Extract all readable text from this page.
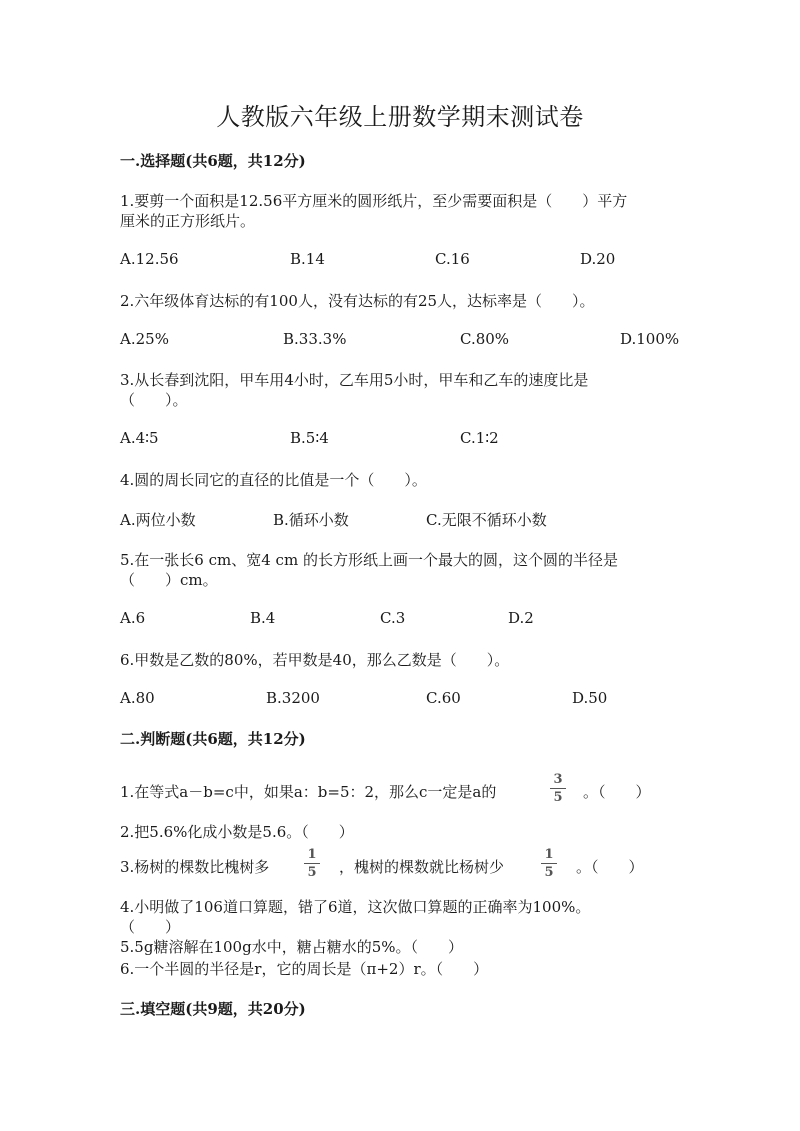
人教版六年级上册数学期末测试卷
一.选择题(共6题，共12分)
1.要剪一个面积是12.56平方厘米的圆形纸片，至少需要面积是（　　）平方
厘米的正方形纸片。
A.12.56	B.14	C.16	D.20
2.六年级体育达标的有100人，没有达标的有25人，达标率是（　　）。
A.25%	B.33.3%	C.80%	D.100%
3.从长春到沈阳，甲车用4小时，乙车用5小时，甲车和乙车的速度比是
（　　）。
A.4∶5	B.5∶4	C.1∶2
4.圆的周长同它的直径的比值是一个（　　）。
A.两位小数	B.循环小数	C.无限不循环小数
5.在一张长6 cm、宽4 cm 的长方形纸上画一个最大的圆，这个圆的半径是
（　　）cm。
A.6	B.4	C.3	D.2
6.甲数是乙数的80%，若甲数是40，那么乙数是（　　）。
A.80	B.3200	C.60	D.50
二.判断题(共6题，共12分)
1.在等式a－b=c中，如果a：b=5：2，那么c一定是a的
3
5	。（　　）
2.把5.6%化成小数是5.6。（　　）
3.杨树的棵数比槐树多
1
5	，槐树的棵数就比杨树少
1
5	。（　　）
4.小明做了106道口算题，错了6道，这次做口算题的正确率为100%。
（　　）
5.5g糖溶解在100g水中，糖占糖水的5%。（　　）
6.一个半圆的半径是r，它的周长是（π+2）r。（　　）
三.填空题(共9题，共20分)
